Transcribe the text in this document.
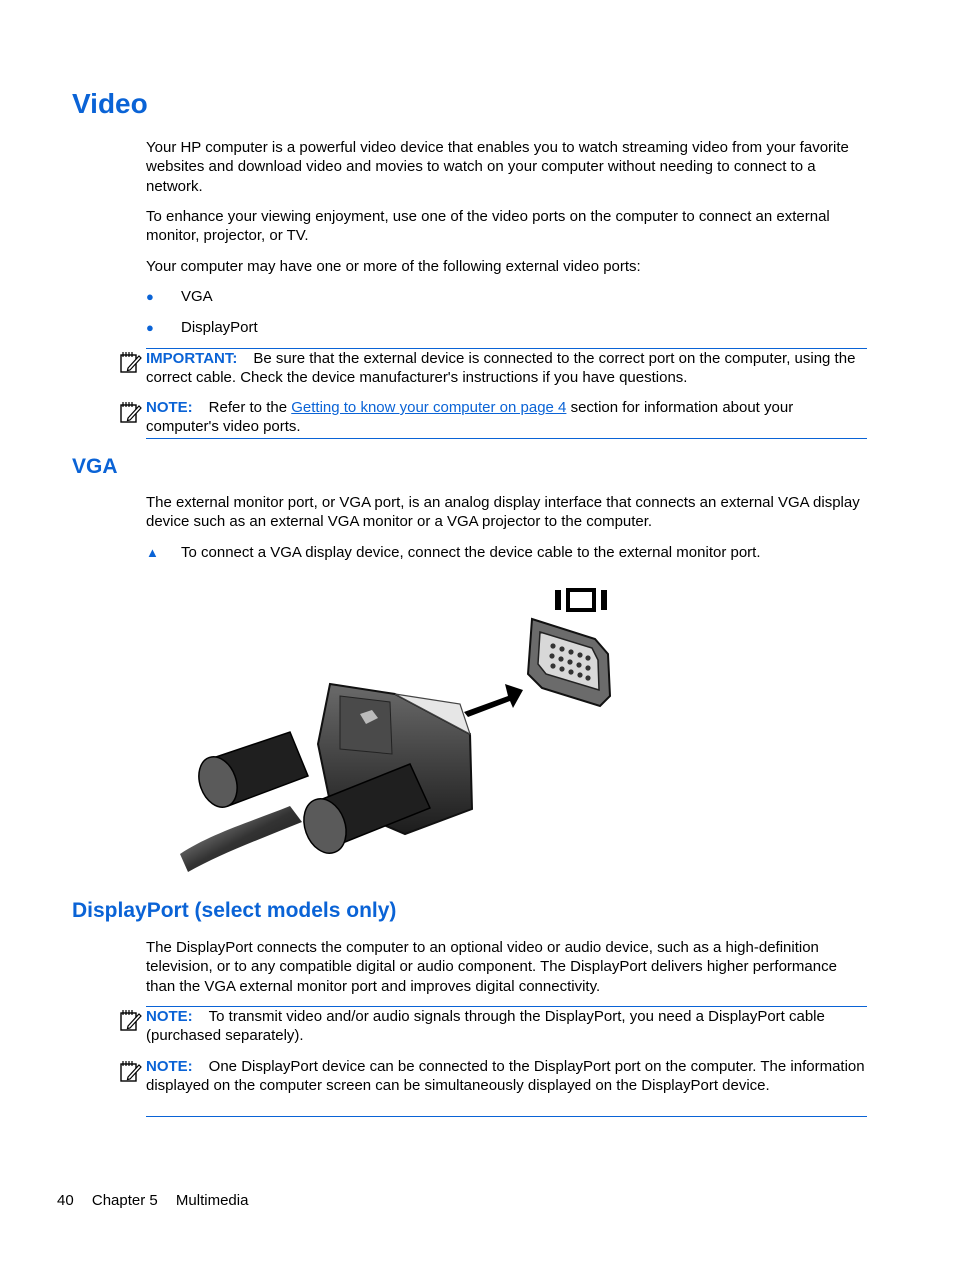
Video

Your HP computer is a powerful video device that enables you to watch streaming video from your favorite websites and download video and movies to watch on your computer without needing to connect to a network.

To enhance your viewing enjoyment, use one of the video ports on the computer to connect an external monitor, projector, or TV.

Your computer may have one or more of the following external video ports:

● VGA
● DisplayPort

IMPORTANT: Be sure that the external device is connected to the correct port on the computer, using the correct cable. Check the device manufacturer's instructions if you have questions.

NOTE: Refer to the Getting to know your computer on page 4 section for information about your computer's video ports.

VGA

The external monitor port, or VGA port, is an analog display interface that connects an external VGA display device such as an external VGA monitor or a VGA projector to the computer.

▲ To connect a VGA display device, connect the device cable to the external monitor port.
DisplayPort (select models only)

The DisplayPort connects the computer to an optional video or audio device, such as a high-definition television, or to any compatible digital or audio component. The DisplayPort delivers higher performance than the VGA external monitor port and improves digital connectivity.

NOTE: To transmit video and/or audio signals through the DisplayPort, you need a DisplayPort cable (purchased separately).

NOTE: One DisplayPort device can be connected to the DisplayPort port on the computer. The information displayed on the computer screen can be simultaneously displayed on the DisplayPort device.

40 Chapter 5 Multimedia
